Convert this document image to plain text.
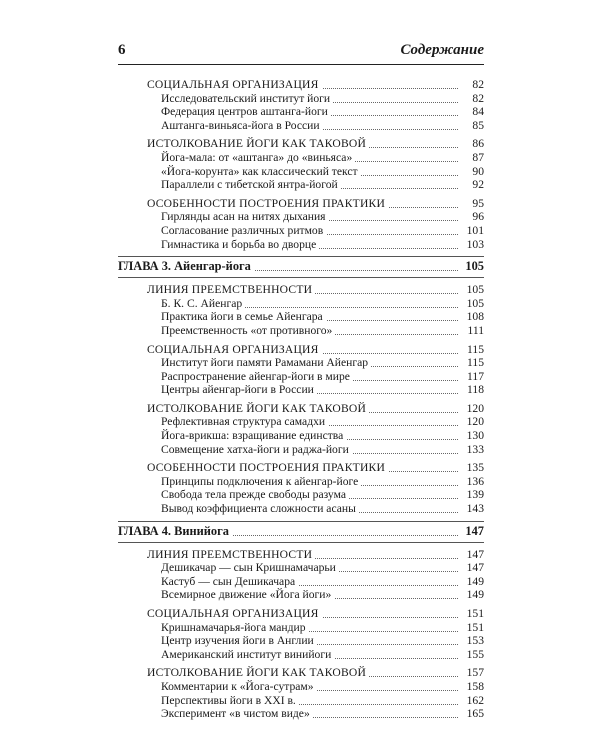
6	Содержание
СОЦИАЛЬНАЯ ОРГАНИЗАЦИЯ	82
Исследовательский институт йоги	82
Федерация центров аштанга-йоги	84
Аштанга-виньяса-йога в России	85
ИСТОЛКОВАНИЕ ЙОГИ КАК ТАКОВОЙ	86
Йога-мала: от «аштанга» до «виньяса»	87
«Йога-корунта» как классический текст	90
Параллели с тибетской янтра-йогой	92
ОСОБЕННОСТИ ПОСТРОЕНИЯ ПРАКТИКИ	95
Гирлянды асан на нитях дыхания	96
Согласование различных ритмов	101
Гимнастика и борьба во дворце	103
ГЛАВА 3. Айенгар-йога	105
ЛИНИЯ ПРЕЕМСТВЕННОСТИ	105
Б. К. С. Айенгар	105
Практика йоги в семье Айенгара	108
Преемственность «от противного»	111
СОЦИАЛЬНАЯ ОРГАНИЗАЦИЯ	115
Институт йоги памяти Рамамани Айенгар	115
Распространение айенгар-йоги в мире	117
Центры айенгар-йоги в России	118
ИСТОЛКОВАНИЕ ЙОГИ КАК ТАКОВОЙ	120
Рефлективная структура самадхи	120
Йога-врикша: взращивание единства	130
Совмещение хатха-йоги и раджа-йоги	133
ОСОБЕННОСТИ ПОСТРОЕНИЯ ПРАКТИКИ	135
Принципы подключения к айенгар-йоге	136
Свобода тела прежде свободы разума	139
Вывод коэффициента сложности асаны	143
ГЛАВА 4. Винийога	147
ЛИНИЯ ПРЕЕМСТВЕННОСТИ	147
Дешикачар — сын Кришнамачарьи	147
Кастуб — сын Дешикачара	149
Всемирное движение «Йога йоги»	149
СОЦИАЛЬНАЯ ОРГАНИЗАЦИЯ	151
Кришнамачарья-йога мандир	151
Центр изучения йоги в Англии	153
Американский институт винийоги	155
ИСТОЛКОВАНИЕ ЙОГИ КАК ТАКОВОЙ	157
Комментарии к «Йога-сутрам»	158
Перспективы йоги в XXI в.	162
Эксперимент «в чистом виде»	165
